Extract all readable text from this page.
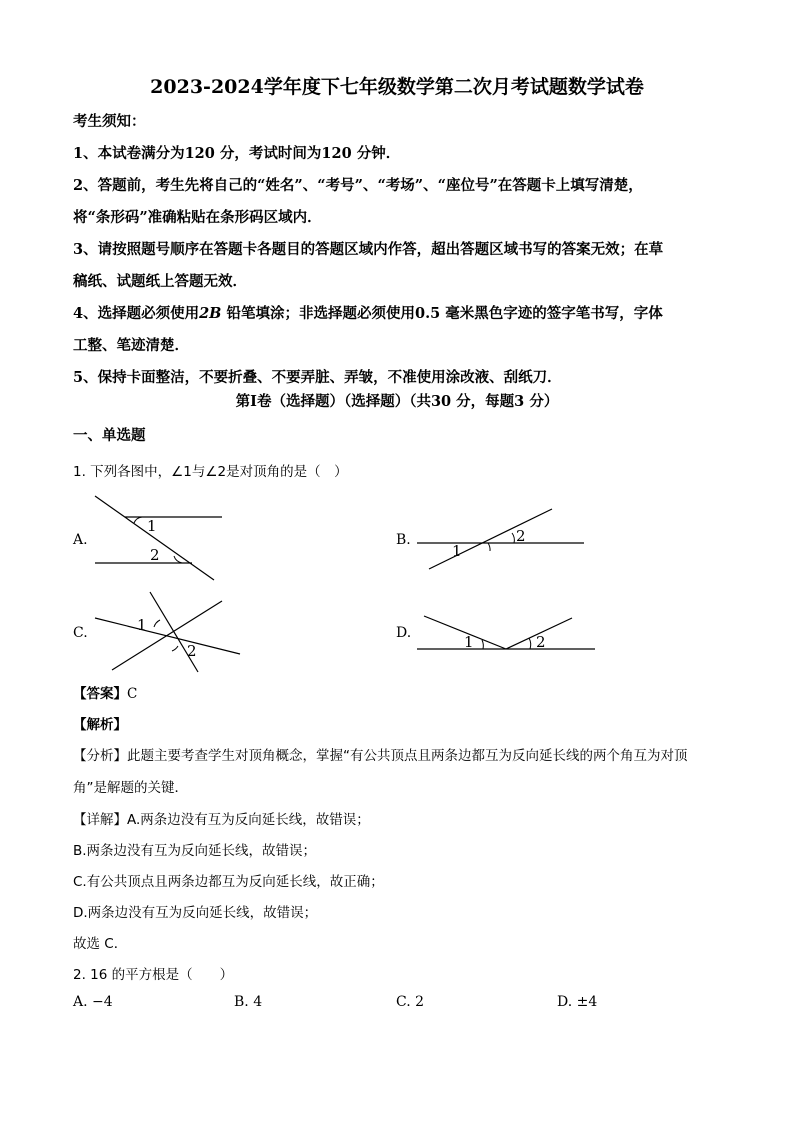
2023-2024学年度下七年级数学第二次月考试题数学试卷
考生须知：
1、本试卷满分为120 分，考试时间为120 分钟．
2、答题前，考生先将自己的“姓名”、“考号”、“考场”、“座位号”在答题卡上填写清楚，
将“条形码”准确粘贴在条形码区域内．
3、请按照题号顺序在答题卡各题目的答题区域内作答，超出答题区域书写的答案无效；在草
稿纸、试题纸上答题无效．
4、选择题必须使用2B 铅笔填涂；非选择题必须使用0.5 毫米黑色字迹的签字笔书写，字体
工整、笔迹清楚．
5、保持卡面整洁，不要折叠、不要弄脏、弄皱，不准使用涂改液、刮纸刀．
第Ⅰ卷（选择题）（选择题）（共30 分，每题3 分）
一、单选题
1. 下列各图中，∠1与∠2是对顶角的是（　）
A.	B.
C.	D.
1
2	1
2
1
2	1	2
【答案】C
【解析】
【分析】此题主要考查学生对顶角概念，掌握“有公共顶点且两条边都互为反向延长线的两个角互为对顶
角”是解题的关键．
【详解】A.两条边没有互为反向延长线，故错误；
B.两条边没有互为反向延长线，故错误；
C.有公共顶点且两条边都互为反向延长线，故正确；
D.两条边没有互为反向延长线，故错误；
故选 C．
2. 16 的平方根是（　　）
A. −4	B. 4	C. 2	D. ±4
